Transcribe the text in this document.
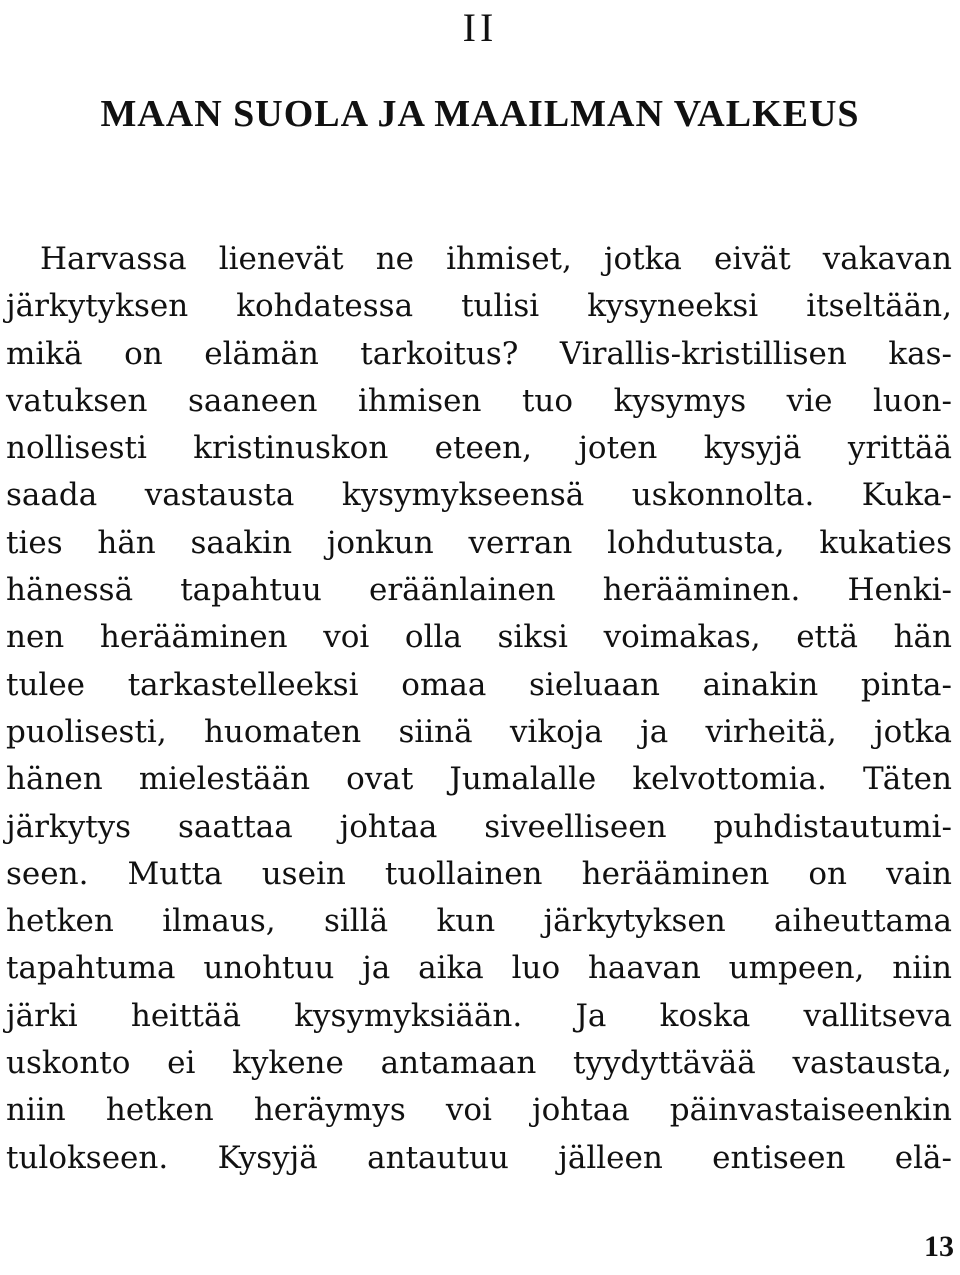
II
MAAN SUOLA JA MAAILMAN VALKEUS
Harvassa lienevät ne ihmiset, jotka eivät vakavan
järkytyksen kohdatessa tulisi kysyneeksi itseltään,
mikä on elämän tarkoitus? Virallis-kristillisen kas-
vatuksen saaneen ihmisen tuo kysymys vie luon-
nollisesti kristinuskon eteen, joten kysyjä yrittää
saada vastausta kysymykseensä uskonnolta. Kuka-
ties hän saakin jonkun verran lohdutusta, kukaties
hänessä tapahtuu eräänlainen herääminen. Henki-
nen herääminen voi olla siksi voimakas, että hän
tulee tarkastelleeksi omaa sieluaan ainakin pinta-
puolisesti, huomaten siinä vikoja ja virheitä, jotka
hänen mielestään ovat Jumalalle kelvottomia. Täten
järkytys saattaa johtaa siveelliseen puhdistautumi-
seen. Mutta usein tuollainen herääminen on vain
hetken ilmaus, sillä kun järkytyksen aiheuttama
tapahtuma unohtuu ja aika luo haavan umpeen, niin
järki heittää kysymyksiään. Ja koska vallitseva
uskonto ei kykene antamaan tyydyttävää vastausta,
niin hetken heräymys voi johtaa päinvastaiseenkin
tulokseen. Kysyjä antautuu jälleen entiseen elä-
13
